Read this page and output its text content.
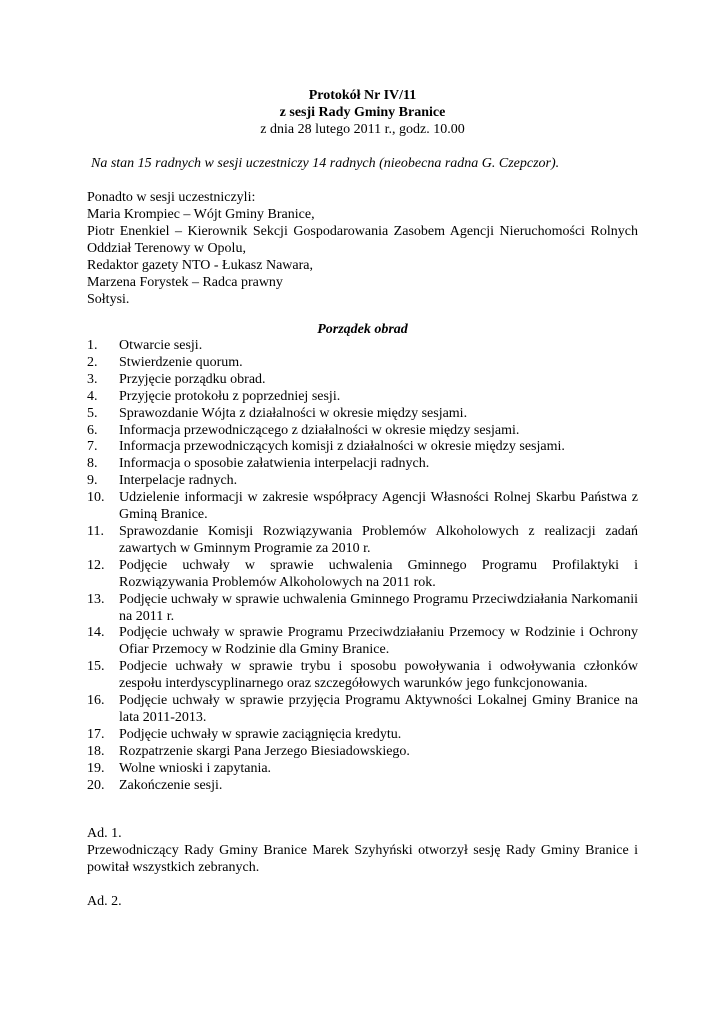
Protokół Nr IV/11
z sesji Rady Gminy Branice
z dnia 28 lutego 2011 r., godz. 10.00
Na stan 15 radnych w sesji uczestniczy 14 radnych (nieobecna radna G. Czepczor).
Ponadto w sesji uczestniczyli:
Maria Krompiec – Wójt Gminy Branice,
Piotr Enenkiel – Kierownik Sekcji Gospodarowania Zasobem Agencji Nieruchomości Rolnych Oddział Terenowy w Opolu,
Redaktor gazety NTO - Łukasz Nawara,
Marzena Forystek – Radca prawny
Sołtysi.
Porządek obrad
1.	Otwarcie sesji.
2.	Stwierdzenie quorum.
3.	Przyjęcie porządku obrad.
4.	Przyjęcie protokołu z poprzedniej sesji.
5.	Sprawozdanie Wójta z działalności w okresie między sesjami.
6.	Informacja przewodniczącego z działalności w okresie między sesjami.
7.	Informacja przewodniczących komisji z działalności w okresie między sesjami.
8.	Informacja o sposobie załatwienia interpelacji radnych.
9.	Interpelacje radnych.
10.	Udzielenie informacji w zakresie współpracy Agencji Własności Rolnej Skarbu Państwa z Gminą Branice.
11.	Sprawozdanie Komisji Rozwiązywania Problemów Alkoholowych z realizacji zadań zawartych w Gminnym Programie za 2010 r.
12.	Podjęcie uchwały w sprawie uchwalenia Gminnego Programu Profilaktyki i Rozwiązywania Problemów Alkoholowych na 2011 rok.
13.	Podjęcie uchwały w sprawie uchwalenia Gminnego Programu Przeciwdziałania Narkomanii na 2011 r.
14.	Podjęcie uchwały w sprawie Programu Przeciwdziałaniu Przemocy w Rodzinie i Ochrony Ofiar Przemocy w Rodzinie dla Gminy Branice.
15.	Podjecie uchwały w sprawie trybu i sposobu powoływania i odwoływania członków zespołu interdyscyplinarnego oraz szczegółowych warunków jego funkcjonowania.
16.	Podjęcie uchwały w sprawie przyjęcia Programu Aktywności Lokalnej Gminy Branice na lata 2011-2013.
17.	Podjęcie uchwały w sprawie zaciągnięcia kredytu.
18.	Rozpatrzenie skargi Pana Jerzego Biesiadowskiego.
19.	Wolne wnioski i zapytania.
20.	Zakończenie sesji.
Ad. 1.
Przewodniczący Rady Gminy Branice Marek Szyhyński otworzył sesję Rady Gminy Branice i powitał wszystkich zebranych.
Ad. 2.
